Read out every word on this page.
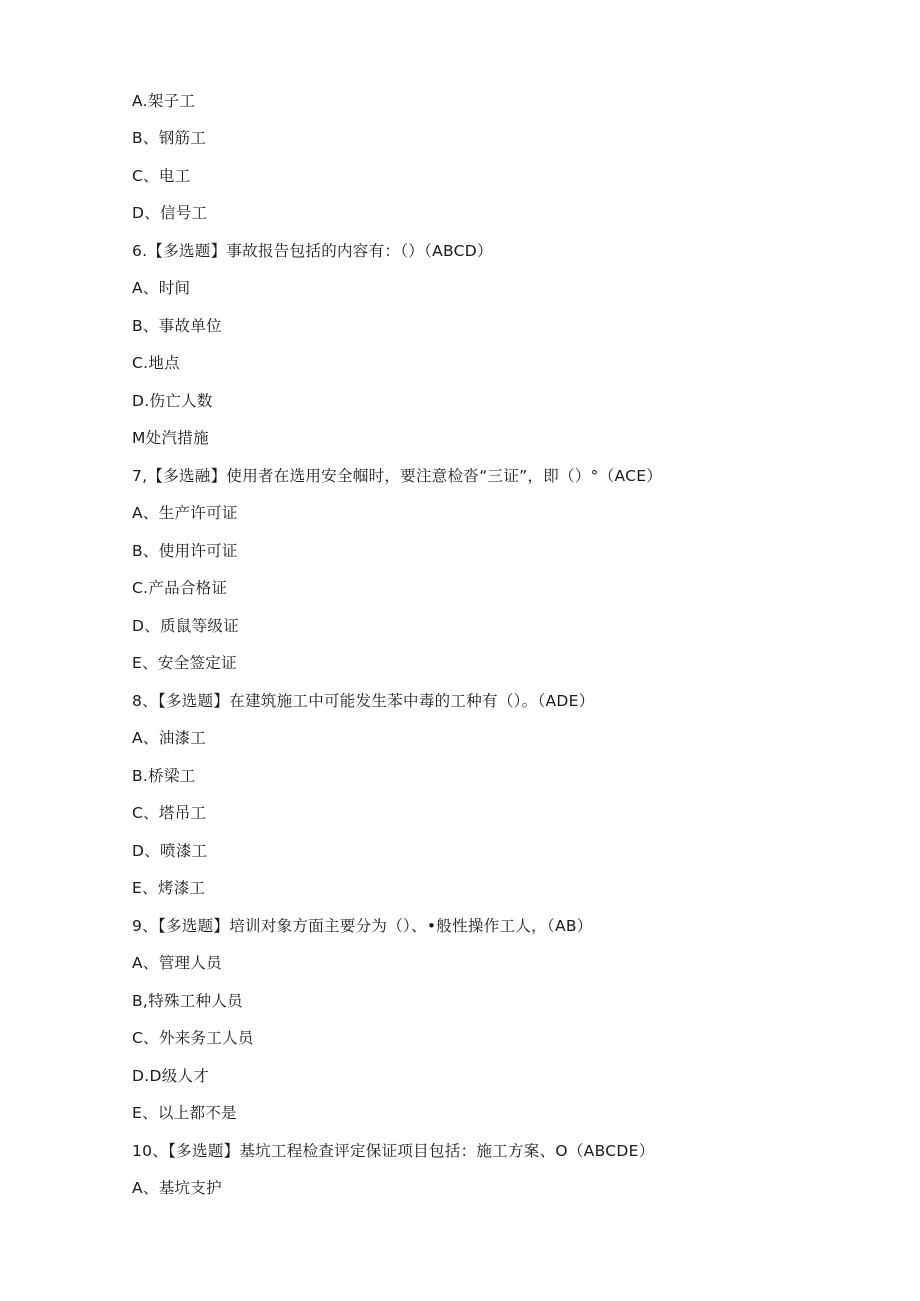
A.架子工
B、钢筋工
C、电工
D、信号工
6.【多选题】事故报告包括的内容有：（）（ABCD）
A、时间
B、事故单位
C.地点
D.伤亡人数
M处汽措施
7,【多选融】使用者在选用安全帼时，要注意检沓“三证”，即（）°（ACE）
A、生产许可证
B、使用许可证
C.产品合格证
D、质鼠等级证
E、安全签定证
8、【多选题】在建筑施工中可能发生苯中毒的工种有（）。（ADE）
A、油漆工
B.桥梁工
C、塔吊工
D、喷漆工
E、烤漆工
9、【多选题】培训对象方面主要分为（）、•般性操作工人，（AB）
A、管理人员
B,特殊工种人员
C、外来务工人员
D.D级人才
E、以上都不是
10、【多选题】基坑工程检查评定保证项目包括：施工方案、O（ABCDE）
A、基坑支护
